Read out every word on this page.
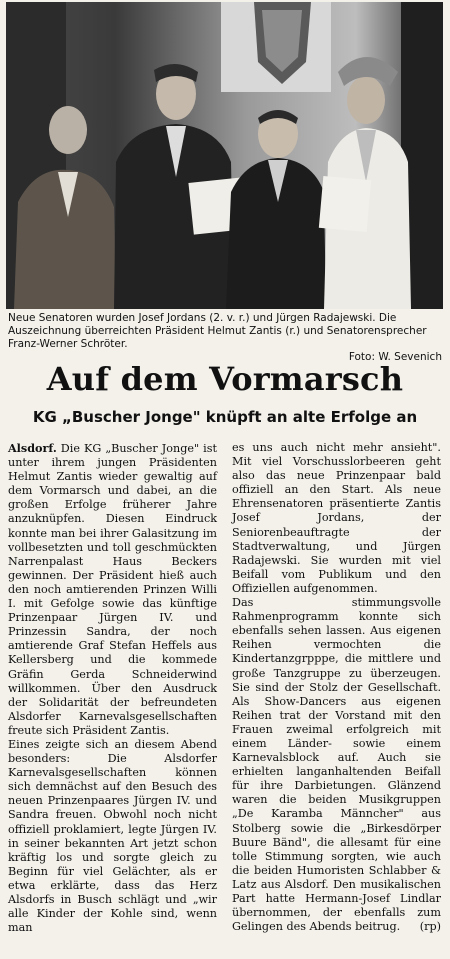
Neue Senatoren wurden Josef Jordans (2. v. r.) und Jürgen Radajewski. Die Auszeichnung überreichten Präsident Helmut Zantis (r.) und Senatorensprecher Franz-Werner Schröter.
Foto: W. Sevenich
Auf dem Vormarsch
KG „Buscher Jonge" knüpft an alte Erfolge an

Alsdorf. Die KG „Buscher Jonge" ist unter ihrem jungen Präsidenten Helmut Zantis wieder gewaltig auf dem Vormarsch und dabei, an die großen Erfolge früherer Jahre anzuknüpfen. Diesen Eindruck konnte man bei ihrer Galasitzung im vollbesetzten und toll geschmückten Narrenpalast Haus Beckers gewinnen. Der Präsident hieß auch den noch amtierenden Prinzen Willi I. mit Gefolge sowie das künftige Prinzenpaar Jürgen IV. und Prinzessin Sandra, der noch amtierende Graf Stefan Heffels aus Kellersberg und die kommede Gräfin Gerda Schneiderwind willkommen. Über den Ausdruck der Solidarität der befreundeten Alsdorfer Karnevalsgesellschaften freute sich Präsident Zantis.

Eines zeigte sich an diesem Abend besonders: Die Alsdorfer Karnevalsgesellschaften können sich demnächst auf den Besuch des neuen Prinzenpaares Jürgen IV. und Sandra freuen. Obwohl noch nicht offiziell proklamiert, legte Jürgen IV. in seiner bekannten Art jetzt schon kräftig los und sorgte gleich zu Beginn für viel Gelächter, als er etwa erklärte, dass das Herz Alsdorfs in Busch schlägt und „wir alle Kinder der Kohle sind, wenn man

es uns auch nicht mehr ansieht". Mit viel Vorschusslorbeeren geht also das neue Prinzenpaar bald offiziell an den Start. Als neue Ehrensenatoren präsentierte Zantis Josef Jordans, der Seniorenbeauftragte der Stadtverwaltung, und Jürgen Radajewski. Sie wurden mit viel Beifall vom Publikum und den Offiziellen aufgenommen.

Das stimmungsvolle Rahmenprogramm konnte sich ebenfalls sehen lassen. Aus eigenen Reihen vermochten die Kindertanzgrpppe, die mittlere und große Tanzgruppe zu überzeugen. Sie sind der Stolz der Gesellschaft. Als Show-Dancers aus eigenen Reihen trat der Vorstand mit den Frauen zweimal erfolgreich mit einem Länder- sowie einem Karnevalsblock auf. Auch sie erhielten langanhaltenden Beifall für ihre Darbietungen. Glänzend waren die beiden Musikgruppen „De Karamba Männcher" aus Stolberg sowie die „Birkesdörper Buure Bänd", die allesamt für eine tolle Stimmung sorgten, wie auch die beiden Humoristen Schlabber & Latz aus Alsdorf. Den musikalischen Part hatte Hermann-Josef Lindlar übernommen, der ebenfalls zum Gelingen des Abends beitrug. (rp)
